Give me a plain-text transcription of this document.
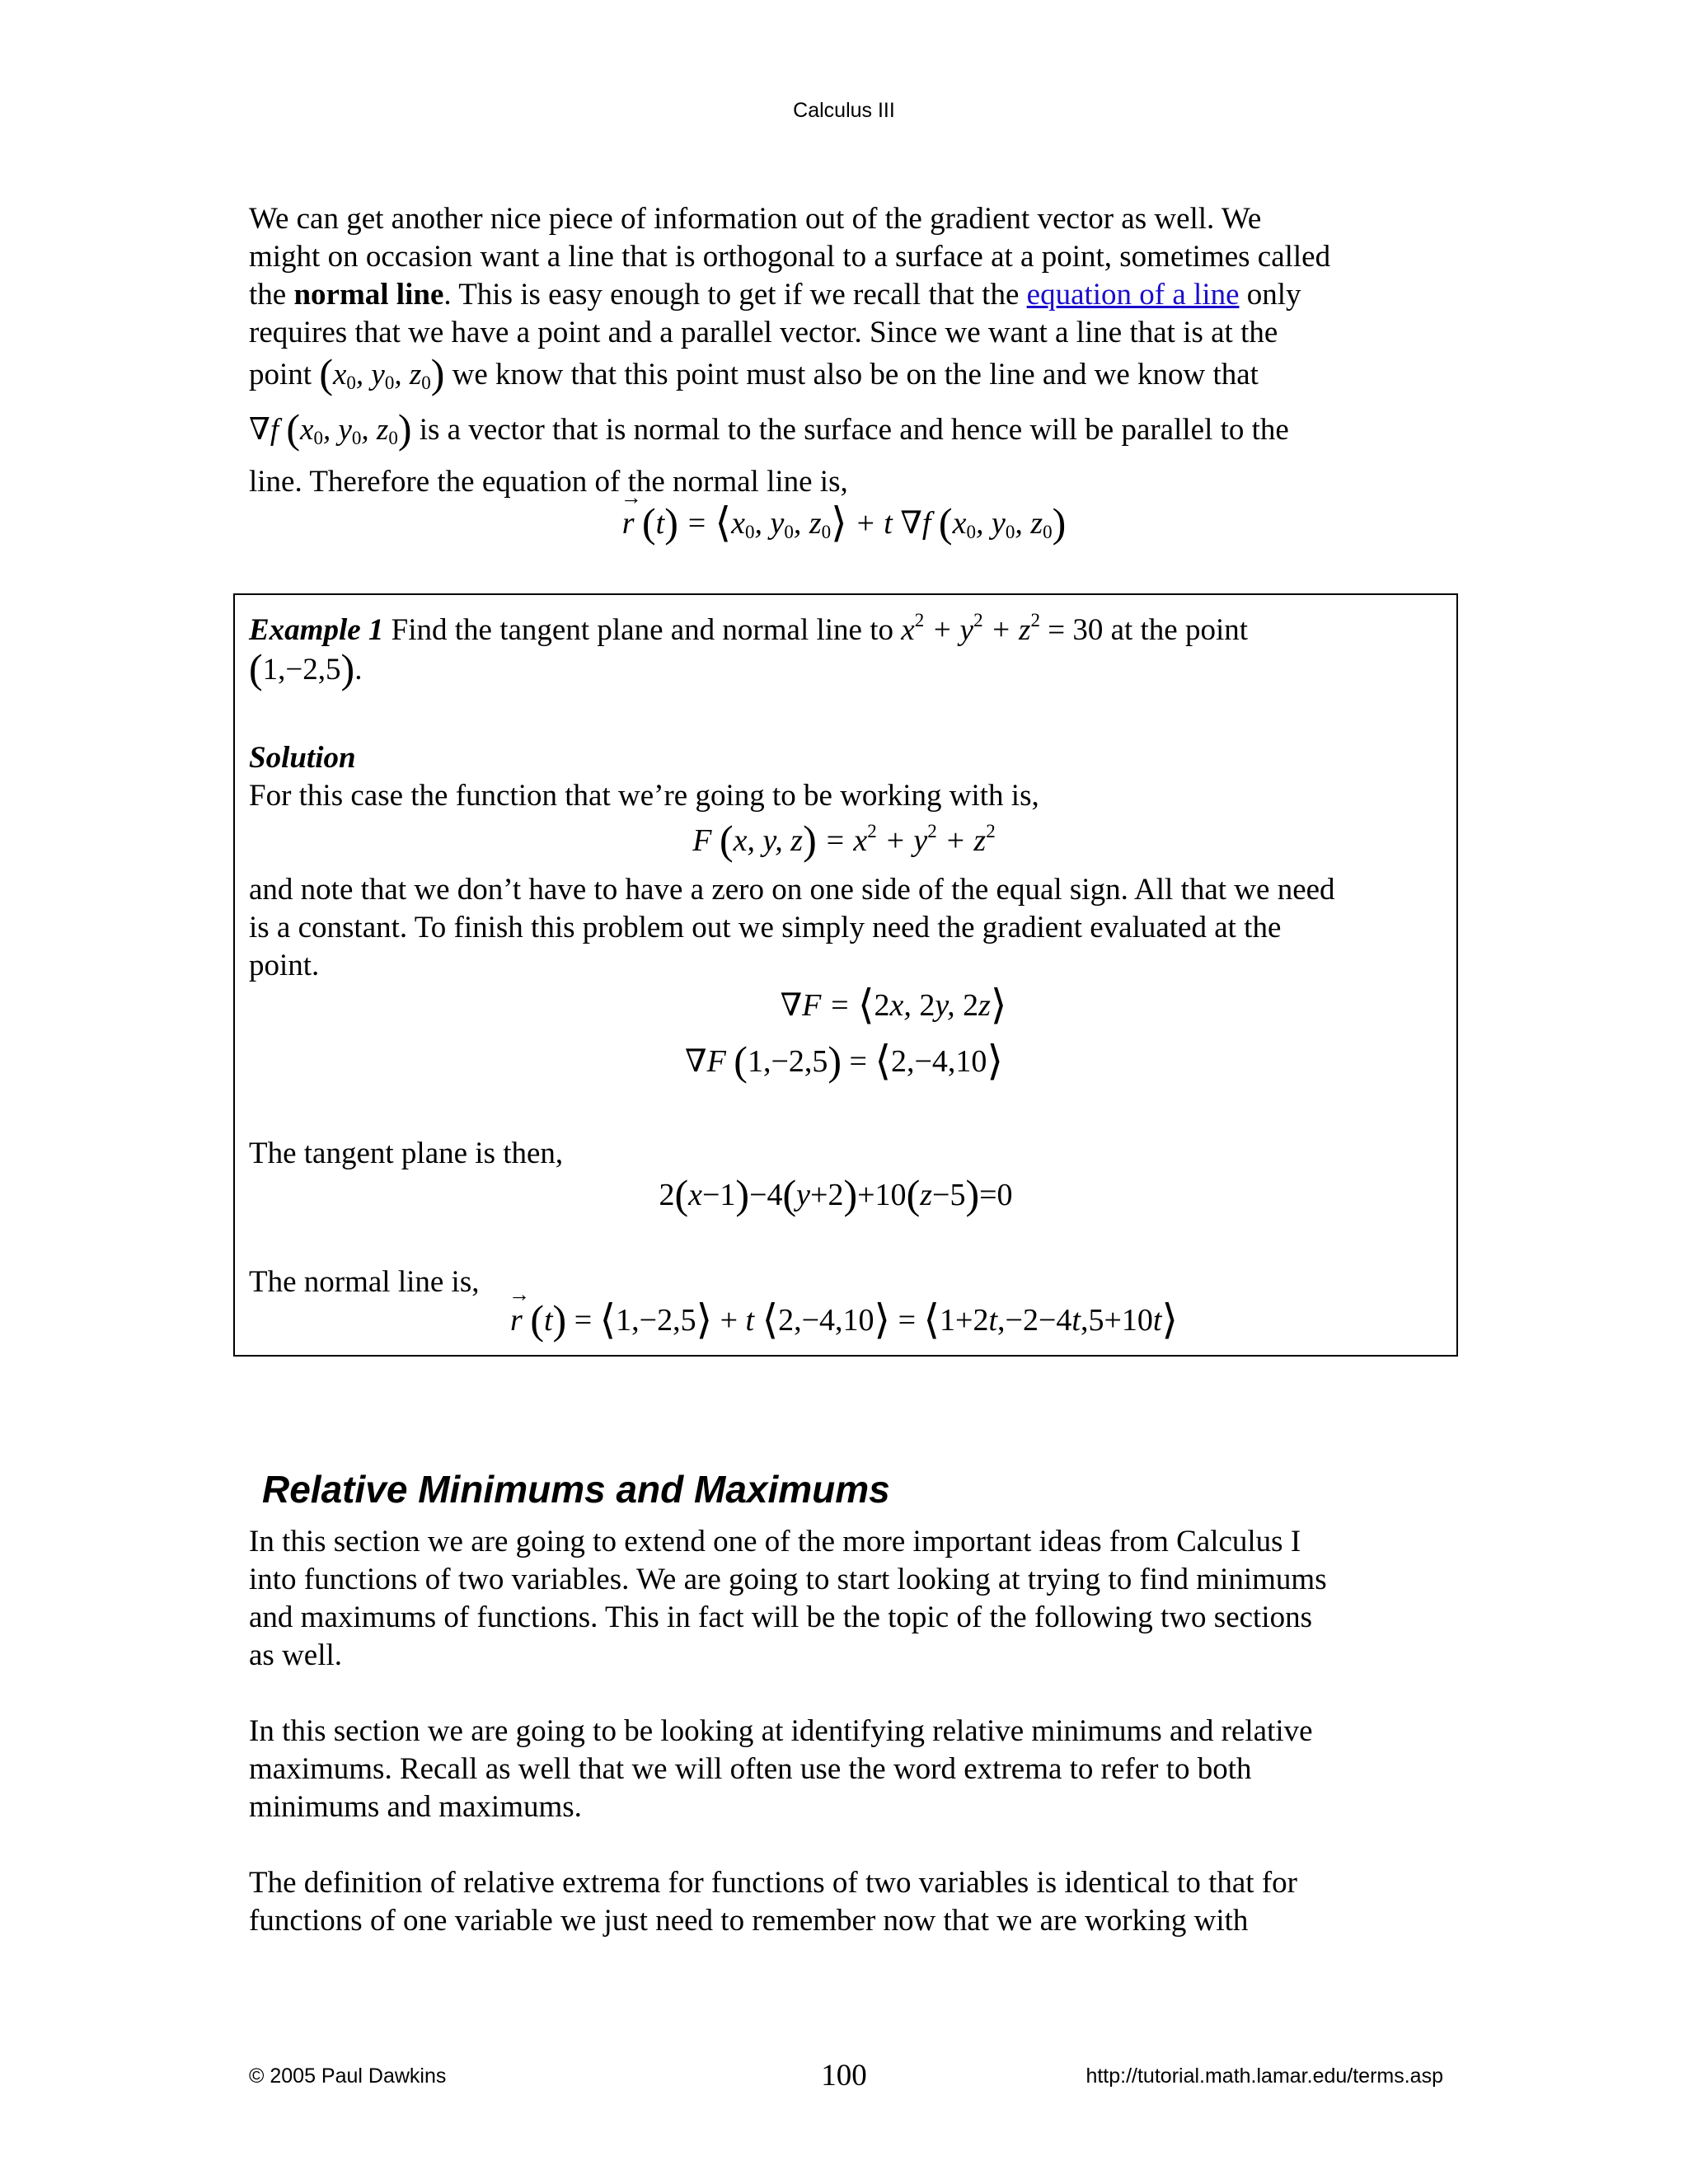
Calculus III

We can get another nice piece of information out of the gradient vector as well. We

might on occasion want a line that is orthogonal to a surface at a point, sometimes called

the normal line. This is easy enough to get if we recall that the equation of a line only

requires that we have a point and a parallel vector. Since we want a line that is at the

point ($x_0$, $y_0$, $z_0$) we know that this point must also be on the line and we know that
∇f ($x_0$, $y_0$, $z_0$) is a vector that is normal to the surface and hence will be parallel to the
line. Therefore the equation of the normal line is,
→ r $(t) = ⟨x_0$, $y_0$, $z_0⟩ + t$ ∇f ($x_0$, $y_0$, $z_0$)
Example 1 Find the tangent plane and normal line to $x^2 + y^2 + z^2 = 30$ at the point
(1,−2,5).
Solution
For this case the function that we’re going to be working with is,
F (x, y, $z) = x^2 + y^2 + z^2$

and note that we don’t have to have a zero on one side of the equal sign. All that we need

is a constant. To finish this problem out we simply need the gradient evaluated at the

point.

∇F = ⟨2x, 2y, 2z⟩
∇F (1,−2,5) = ⟨2,−4,10⟩
The tangent plane is then,
2(x−1)−4(y+2)+10(z−5)=0
The normal line is,
→ r (t) = ⟨1,−2,5⟩ + t ⟨2,−4,10⟩ = ⟨1+2t,−2−4t,5+10t⟩
Relative Minimums and Maximums

In this section we are going to extend one of the more important ideas from Calculus I

into functions of two variables. We are going to start looking at trying to find minimums

and maximums of functions. This in fact will be the topic of the following two sections

as well.

In this section we are going to be looking at identifying relative minimums and relative

maximums. Recall as well that we will often use the word extrema to refer to both

minimums and maximums.

The definition of relative extrema for functions of two variables is identical to that for

functions of one variable we just need to remember now that we are working with

© 2005 Paul Dawkins	100	http://tutorial.math.lamar.edu/terms.asp
